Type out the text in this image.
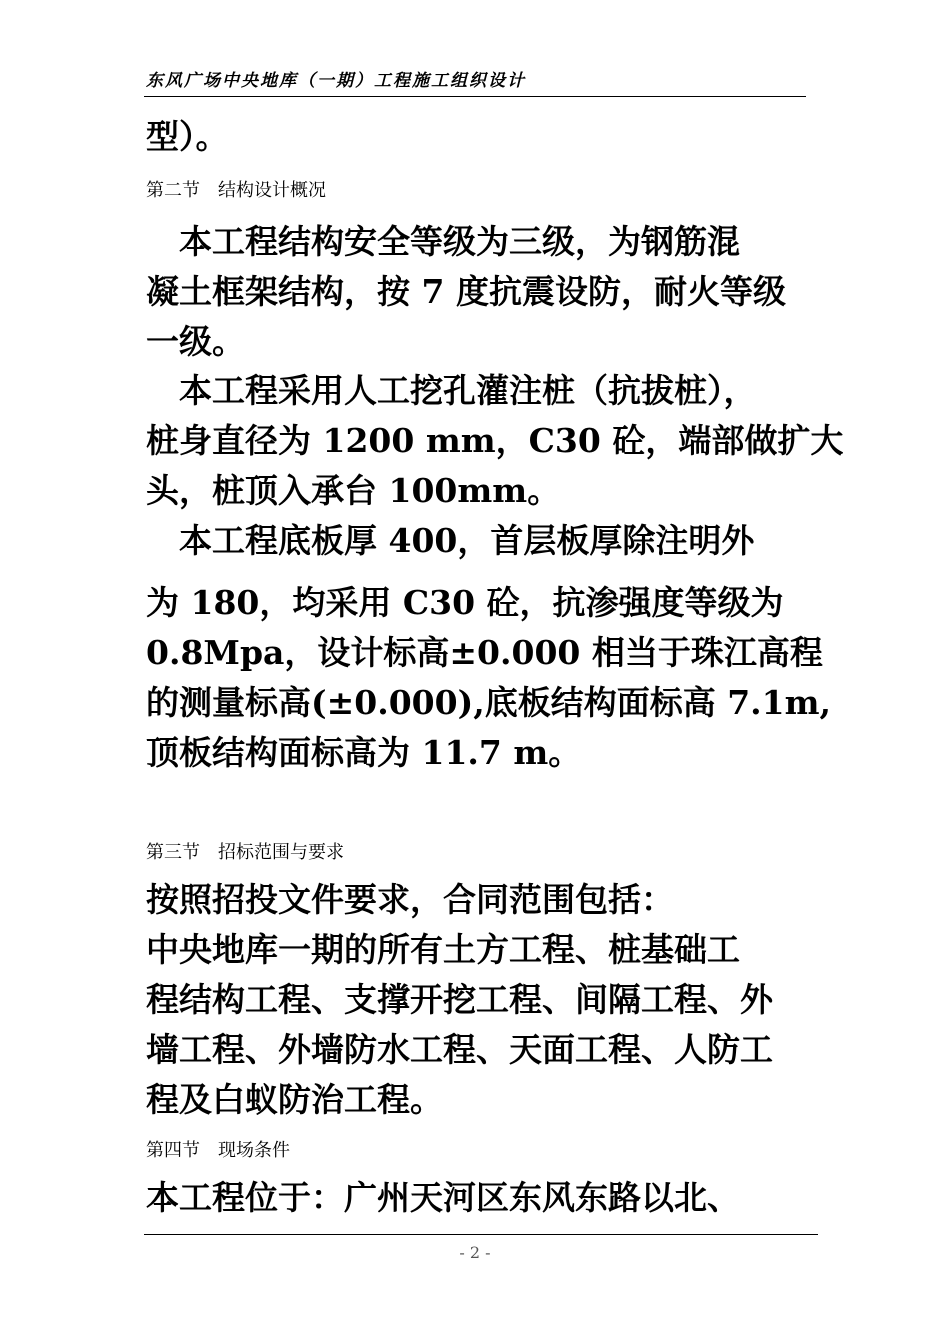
东风广场中央地库（一期）工程施工组织设计
型）。
第二节　结构设计概况
　本工程结构安全等级为三级，为钢筋混
凝土框架结构，按 7 度抗震设防，耐火等级
一级。
　本工程采用人工挖孔灌注桩（抗拔桩），
桩身直径为 1200 mm，C30 砼，端部做扩大
头，桩顶入承台 100mm。
　本工程底板厚 400，首层板厚除注明外
为 180，均采用 C30 砼，抗渗强度等级为
0.8Mpa，设计标高±0.000 相当于珠江高程
的测量标高(±0.000),底板结构面标高 7.1m,
顶板结构面标高为 11.7 m。
第三节　招标范围与要求
按照招投文件要求，合同范围包括：
中央地库一期的所有土方工程、桩基础工
程结构工程、支撑开挖工程、间隔工程、外
墙工程、外墙防水工程、天面工程、人防工
程及白蚁防治工程。
第四节　现场条件
本工程位于：广州天河区东风东路以北、
- 2 -
